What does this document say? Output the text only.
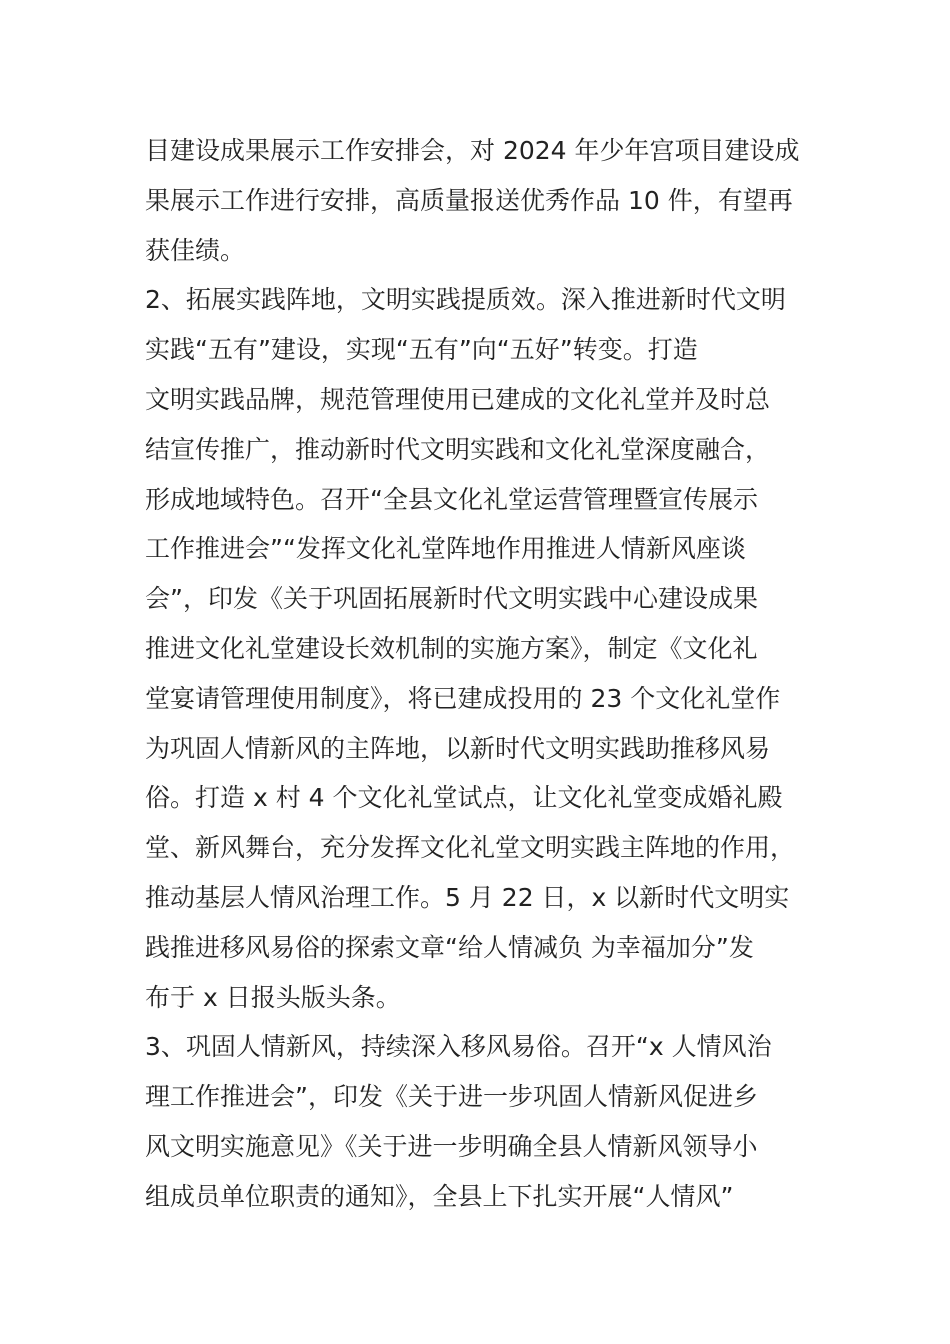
目建设成果展示工作安排会，对 2024 年少年宫项目建设成
果展示工作进行安排，高质量报送优秀作品 10 件，有望再
获佳绩。
2、拓展实践阵地，文明实践提质效。深入推进新时代文明
实践“五有”建设，实现“五有”向“五好”转变。打造
文明实践品牌，规范管理使用已建成的文化礼堂并及时总
结宣传推广，推动新时代文明实践和文化礼堂深度融合，
形成地域特色。召开“全县文化礼堂运营管理暨宣传展示
工作推进会”“发挥文化礼堂阵地作用推进人情新风座谈
会”，印发《关于巩固拓展新时代文明实践中心建设成果
推进文化礼堂建设长效机制的实施方案》，制定《文化礼
堂宴请管理使用制度》，将已建成投用的 23 个文化礼堂作
为巩固人情新风的主阵地，以新时代文明实践助推移风易
俗。打造 x 村 4 个文化礼堂试点，让文化礼堂变成婚礼殿
堂、新风舞台，充分发挥文化礼堂文明实践主阵地的作用，
推动基层人情风治理工作。5 月 22 日，x 以新时代文明实
践推进移风易俗的探索文章“给人情减负 为幸福加分”发
布于 x 日报头版头条。
3、巩固人情新风，持续深入移风易俗。召开“x 人情风治
理工作推进会”，印发《关于进一步巩固人情新风促进乡
风文明实施意见》《关于进一步明确全县人情新风领导小
组成员单位职责的通知》，全县上下扎实开展“人情风”
